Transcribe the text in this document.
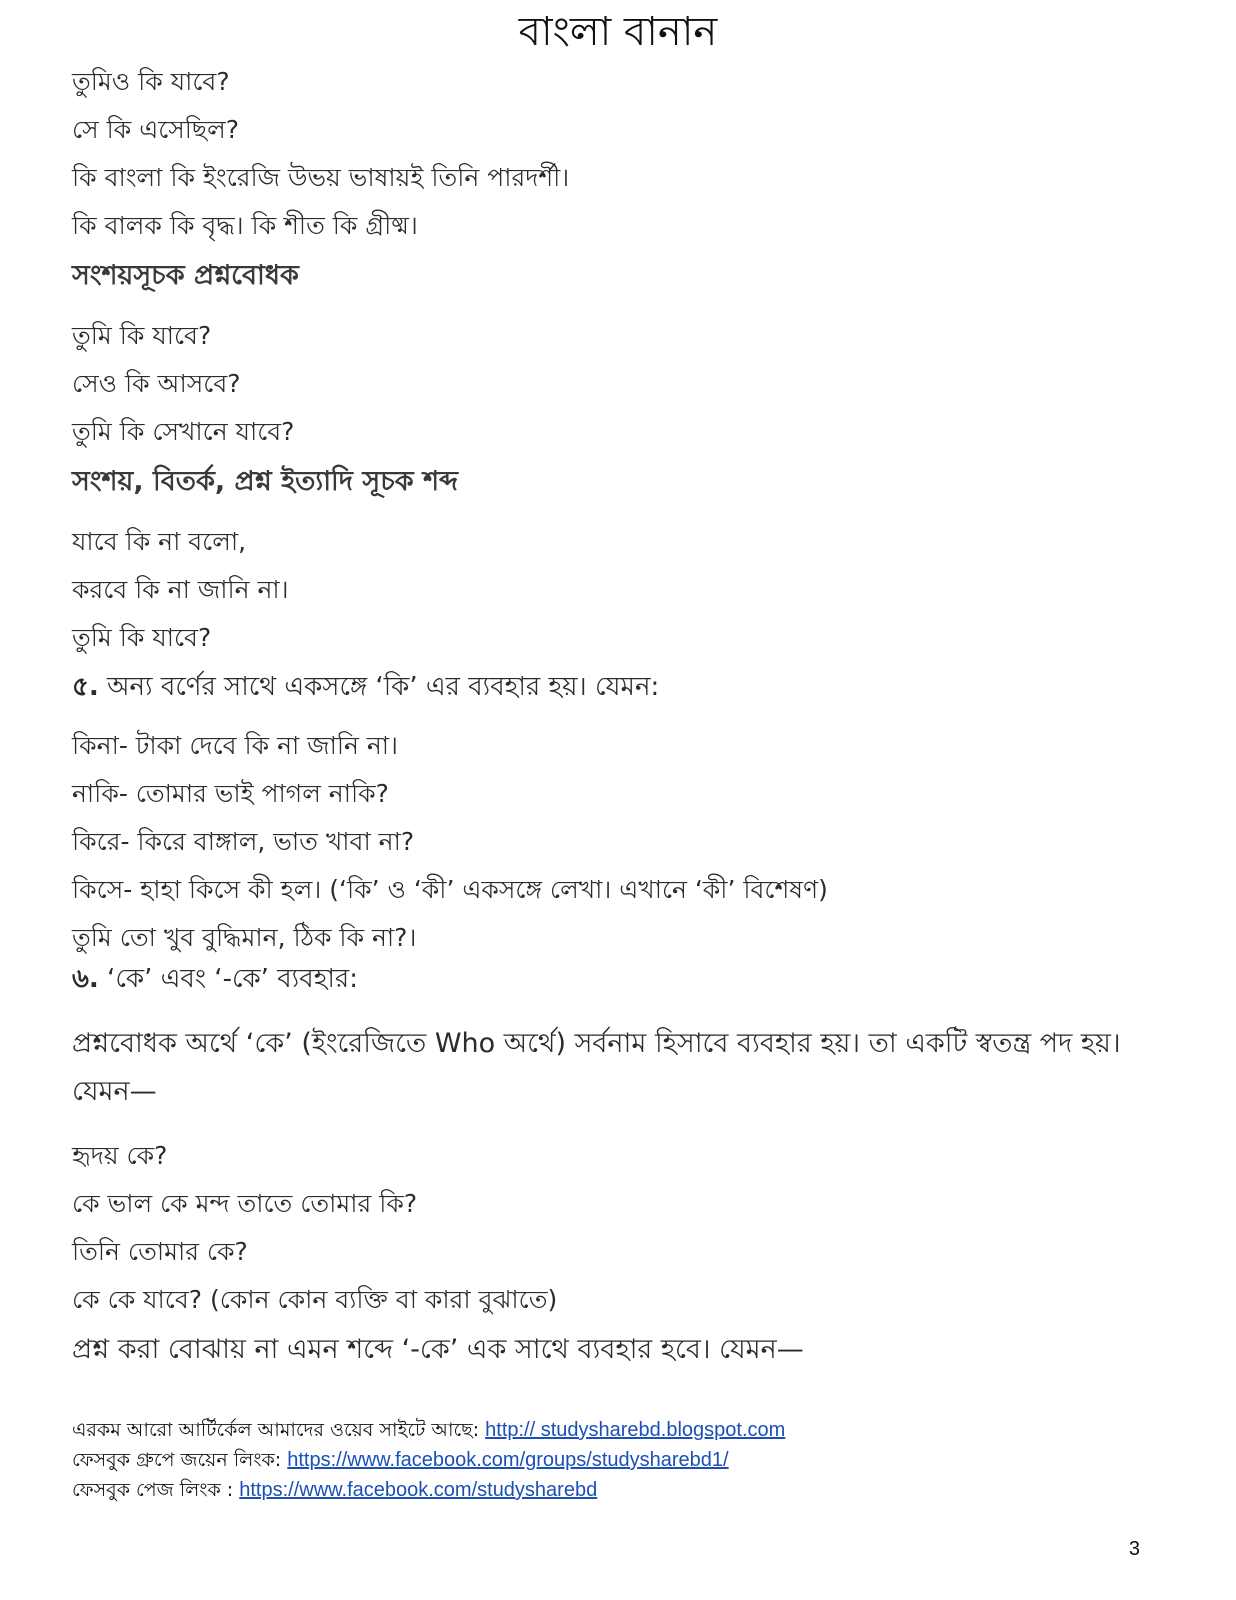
বাংলা বানান
তুমিও কি যাবে?
সে কি এসেছিল?
কি বাংলা কি ইংরেজি উভয় ভাষায়ই তিনি পারদর্শী।
কি বালক কি বৃদ্ধ। কি শীত কি গ্রীষ্ম।
সংশয়সূচক প্রশ্নবোধক
তুমি কি যাবে?
সেও কি আসবে?
তুমি কি সেখানে যাবে?
সংশয়, বিতর্ক, প্রশ্ন ইত্যাদি সূচক শব্দ
যাবে কি না বলো,
করবে কি না জানি না।
তুমি কি যাবে?
৫. অন্য বর্ণের সাথে একসঙ্গে ‘কি’ এর ব্যবহার হয়। যেমন:
কিনা- টাকা দেবে কি না জানি না।
নাকি- তোমার ভাই পাগল নাকি?
কিরে- কিরে বাঙ্গাল, ভাত খাবা না?
কিসে- হাহা কিসে কী হল। (‘কি’ ও ‘কী’ একসঙ্গে লেখা। এখানে ‘কী’ বিশেষণ)
তুমি তো খুব বুদ্ধিমান, ঠিক কি না?।
৬. ‘কে’ এবং ‘-কে’ ব্যবহার:
প্রশ্নবোধক অর্থে ‘কে’ (ইংরেজিতে Who অর্থে) সর্বনাম হিসাবে ব্যবহার হয়। তা একটি স্বতন্ত্র পদ হয়। যেমন—
হৃদয় কে?
কে ভাল কে মন্দ তাতে তোমার কি?
তিনি তোমার কে?
কে কে যাবে? (কোন কোন ব্যক্তি বা কারা বুঝাতে)
প্রশ্ন করা বোঝায় না এমন শব্দে ‘-কে’ এক সাথে ব্যবহার হবে। যেমন—
এরকম আরো আর্টির্কেল আমাদের ওয়েব সাইটে আছে: http:// studysharebd.blogspot.com
ফেসবুক গ্রুপে জয়েন লিংক: https://www.facebook.com/groups/studysharebd1/
ফেসবুক পেজ লিংক : https://www.facebook.com/studysharebd
3
